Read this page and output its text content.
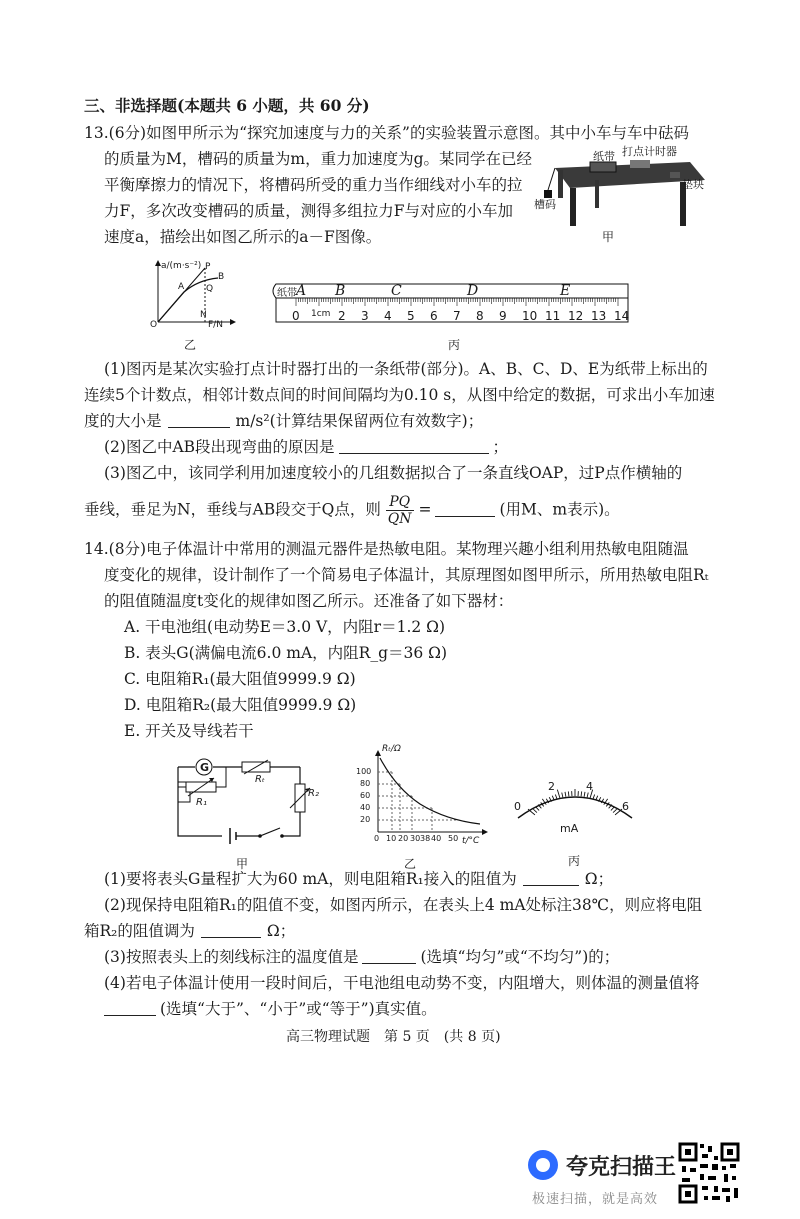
三、非选择题(本题共 6 小题，共 60 分)
13.(6分)如图甲所示为“探究加速度与力的关系”的实验装置示意图。其中小车与车中砝码
的质量为M，槽码的质量为m，重力加速度为g。某同学在已经
平衡摩擦力的情况下，将槽码所受的重力当作细线对小车的拉
力F，多次改变槽码的质量，测得多组拉力F与对应的小车加
速度a，描绘出如图乙所示的a－F图像。
纸带 打点计时器
垫块
槽码
甲
a/(m·s⁻²) P
B
A Q
N
O	F/N
乙
纸带 A B	C	D	E
0 1cm 2 3 4 5 6 7 8 9 10 11 12 13 14
丙
(1)图丙是某次实验打点计时器打出的一条纸带(部分)。A、B、C、D、E为纸带上标出的
连续5个计数点，相邻计数点间的时间间隔均为0.10 s，从图中给定的数据，可求出小车加速
度的大小是	m/s²(计算结果保留两位有效数字)；
(2)图乙中AB段出现弯曲的原因是	；
(3)图乙中，该同学利用加速度较小的几组数据拟合了一条直线OAP，过P点作横轴的
垂线，垂足为N，垂线与AB段交于Q点，则 $\frac{PQ}{QN}$ =	(用M、m表示)。
14.(8分)电子体温计中常用的测温元器件是热敏电阻。某物理兴趣小组利用热敏电阻随温
度变化的规律，设计制作了一个简易电子体温计，其原理图如图甲所示，所用热敏电阻Rₜ
的阻值随温度t变化的规律如图乙所示。还准备了如下器材：
A. 干电池组(电动势E＝3.0 V，内阻r＝1.2 Ω)
B. 表头G(满偏电流6.0 mA，内阻R_g＝36 Ω)
C. 电阻箱R₁(最大阻值9999.9 Ω)
D. 电阻箱R₂(最大阻值9999.9 Ω)
E. 开关及导线若干
G
Rₜ
R₁
R₂
甲
Rₜ/Ω
100
80
60
40
20
0 10 20 30 38 40 50 t/°C
乙
0
2	4
6
mA
丙
(1)要将表头G量程扩大为60 mA，则电阻箱R₁接入的阻值为	Ω；
(2)现保持电阻箱R₁的阻值不变，如图丙所示，在表头上4 mA处标注38℃，则应将电阻
箱R₂的阻值调为	Ω；
(3)按照表头上的刻线标注的温度值是	(选填“均匀”或“不均匀”)的；
(4)若电子体温计使用一段时间后，干电池组电动势不变，内阻增大，则体温的测量值将
(选填“大于”、“小于”或“等于”)真实值。
高三物理试题　第 5 页　(共 8 页)
夸克扫描王
极速扫描，就是高效
